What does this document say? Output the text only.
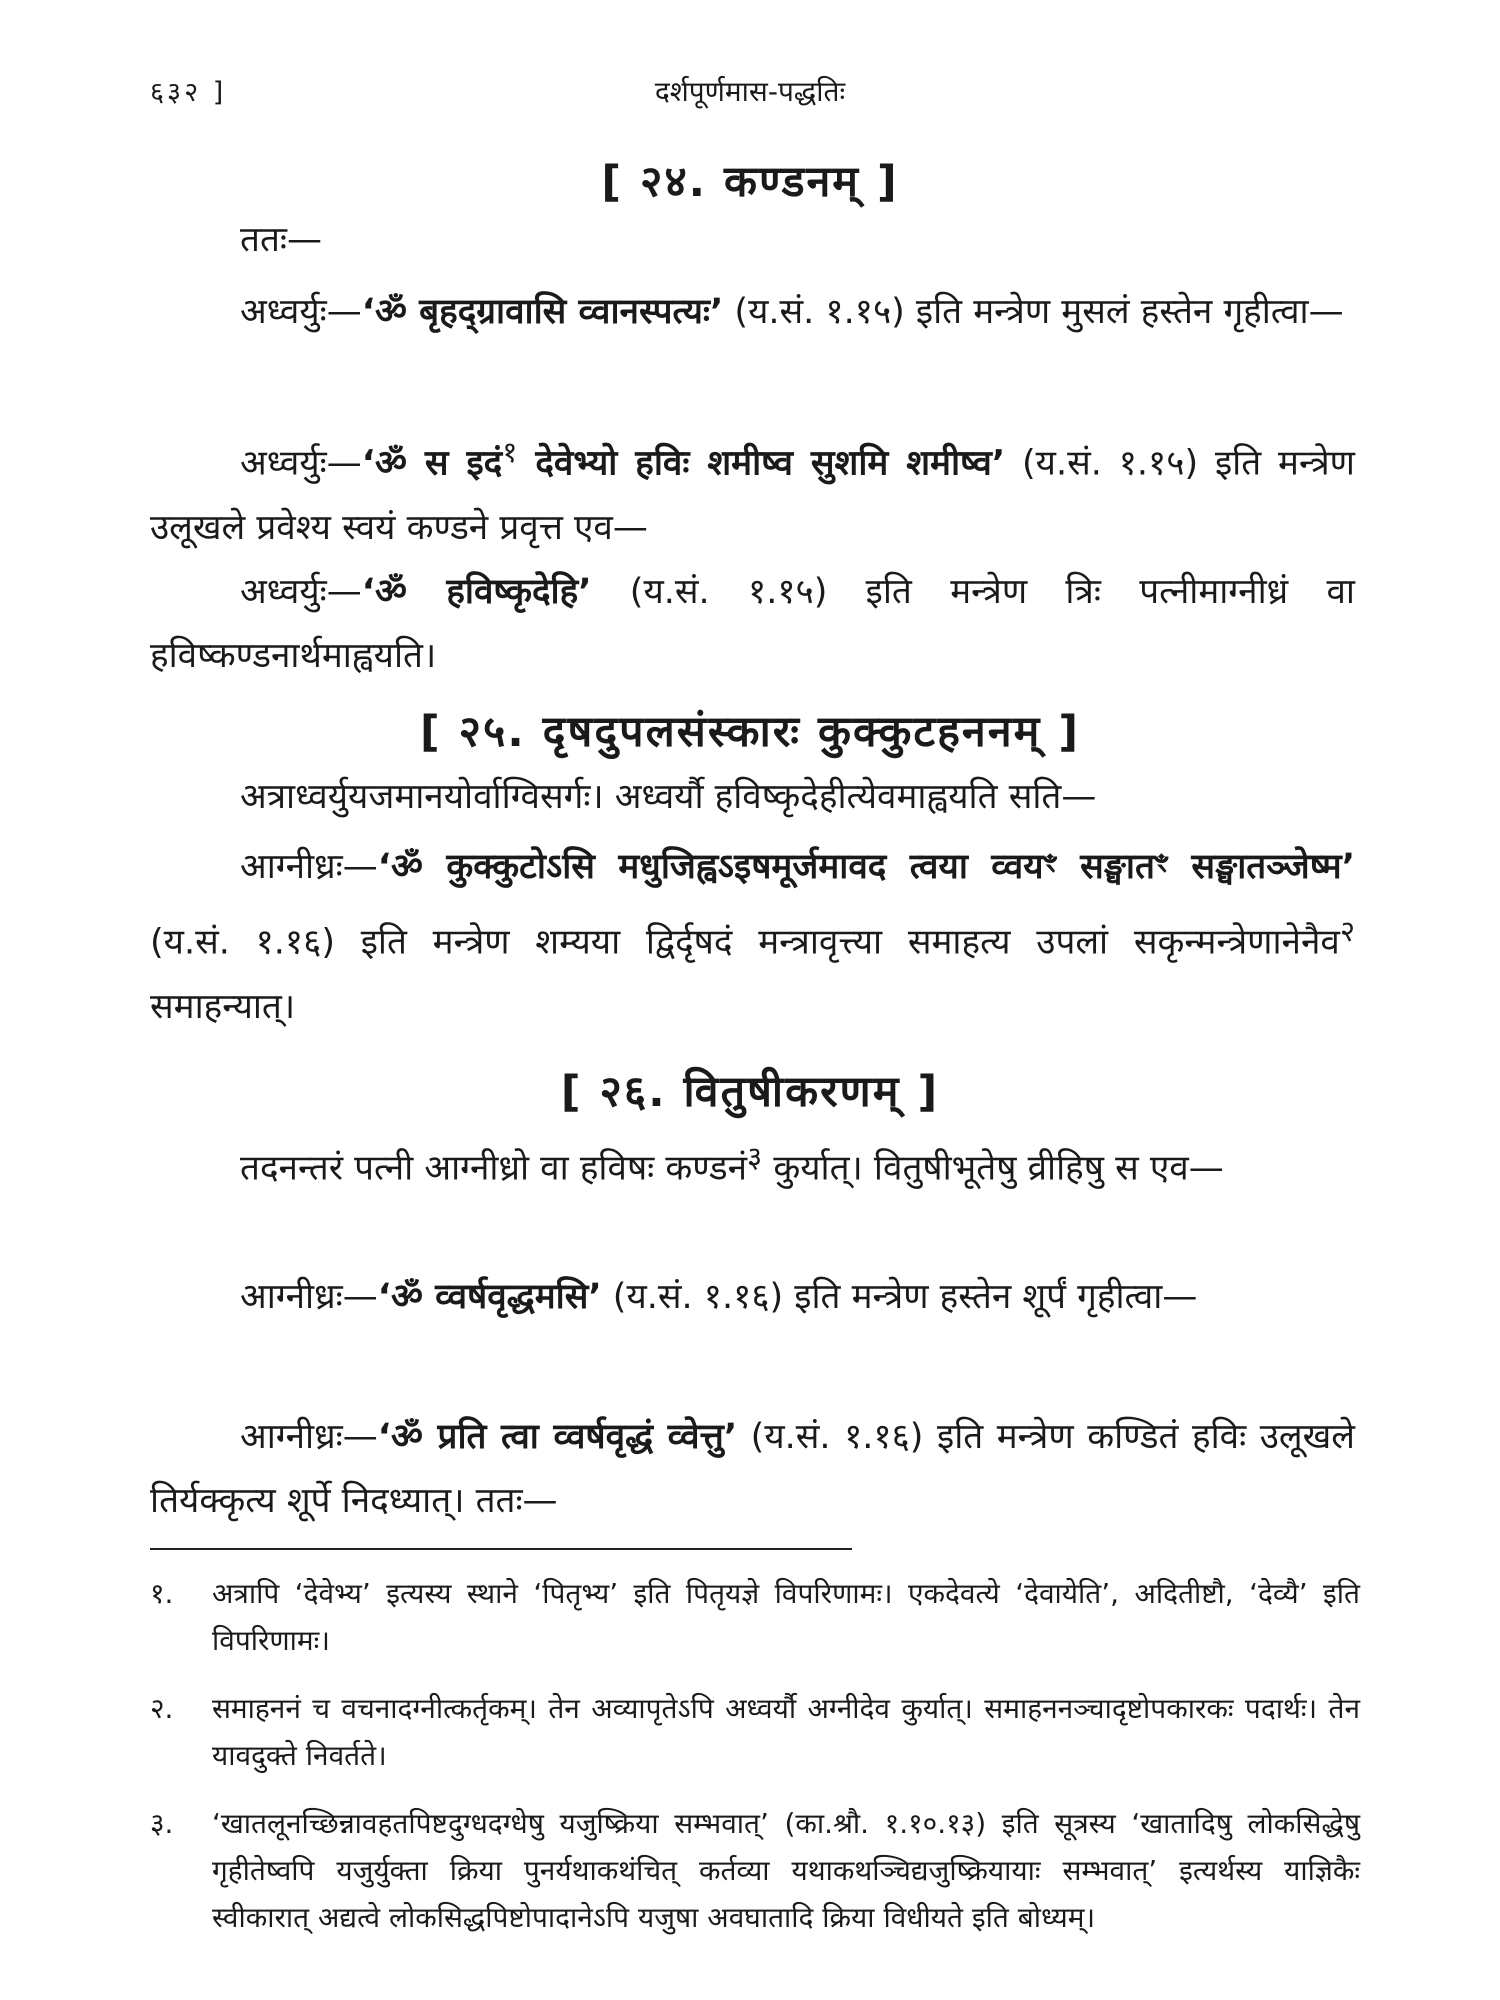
६३२ ]	दर्शपूर्णमास-पद्धतिः
[ २४. कण्डनम् ]
ततः—
अध्वर्युः—‘ॐ बृहद्ग्रावासि व्वानस्पत्यः’ (य.सं. १.१५) इति मन्त्रेण मुसलं हस्तेन गृहीत्वा—
अध्वर्युः—‘ॐ स इदं$^१$ देवेभ्यो हविः शमीष्व सुशमि शमीष्व’ (य.सं. १.१५) इति मन्त्रेण उलूखले प्रवेश्य स्वयं कण्डने प्रवृत्त एव—
अध्वर्युः—‘ॐ हविष्कृदेहि’ (य.सं. १.१५) इति मन्त्रेण त्रिः पत्नीमाग्नीध्रं वा हविष्कण्डनार्थमाह्वयति।
[ २५. दृषदुपलसंस्कारः कुक्कुटहननम् ]
अत्राध्वर्युयजमानयोर्वाग्विसर्गः। अध्वर्यौ हविष्कृदेहीत्येवमाह्वयति सति—
आग्नीध्रः—‘ॐ कुक्कुटोऽसि मधुजिह्वऽइषमूर्जमावद त्वया व्वयꣳ सङ्घातꣳ सङ्घातञ्जेष्म’ (य.सं. १.१६) इति मन्त्रेण शम्यया द्विर्दृषदं मन्त्रावृत्त्या समाहत्य उपलां सकृन्मन्त्रेणानेनैव$^२$ समाहन्यात्।
[ २६. वितुषीकरणम् ]
तदनन्तरं पत्नी आग्नीध्रो वा हविषः कण्डनं$^३$ कुर्यात्। वितुषीभूतेषु व्रीहिषु स एव—
आग्नीध्रः—‘ॐ व्वर्षवृद्धमसि’ (य.सं. १.१६) इति मन्त्रेण हस्तेन शूर्पं गृहीत्वा—
आग्नीध्रः—‘ॐ प्रति त्वा व्वर्षवृद्धं व्वेत्तु’ (य.सं. १.१६) इति मन्त्रेण कण्डितं हविः उलूखले तिर्यक्कृत्य शूर्पे निदध्यात्। ततः—
१.	अत्रापि ‘देवेभ्य’ इत्यस्य स्थाने ‘पितृभ्य’ इति पितृयज्ञे विपरिणामः। एकदेवत्ये ‘देवायेति’, अदितीष्टौ, ‘देव्यै’ इति विपरिणामः।
२.	समाहननं च वचनादग्नीत्कर्तृकम्। तेन अव्यापृतेऽपि अध्वर्यौ अग्नीदेव कुर्यात्। समाहननञ्चादृष्टोपकारकः पदार्थः। तेन यावदुक्ते निवर्तते।
३.	‘खातलूनच्छिन्नावहतपिष्टदुग्धदग्धेषु यजुष्क्रिया सम्भवात्’ (का.श्रौ. १.१०.१३) इति सूत्रस्य ‘खातादिषु लोकसिद्धेषु गृहीतेष्वपि यजुर्युक्ता क्रिया पुनर्यथाकथंचित् कर्तव्या यथाकथञ्चिद्यजुष्क्रियायाः सम्भवात्’ इत्यर्थस्य याज्ञिकैः स्वीकारात् अद्यत्वे लोकसिद्धपिष्टोपादानेऽपि यजुषा अवघातादि क्रिया विधीयते इति बोध्यम्।
